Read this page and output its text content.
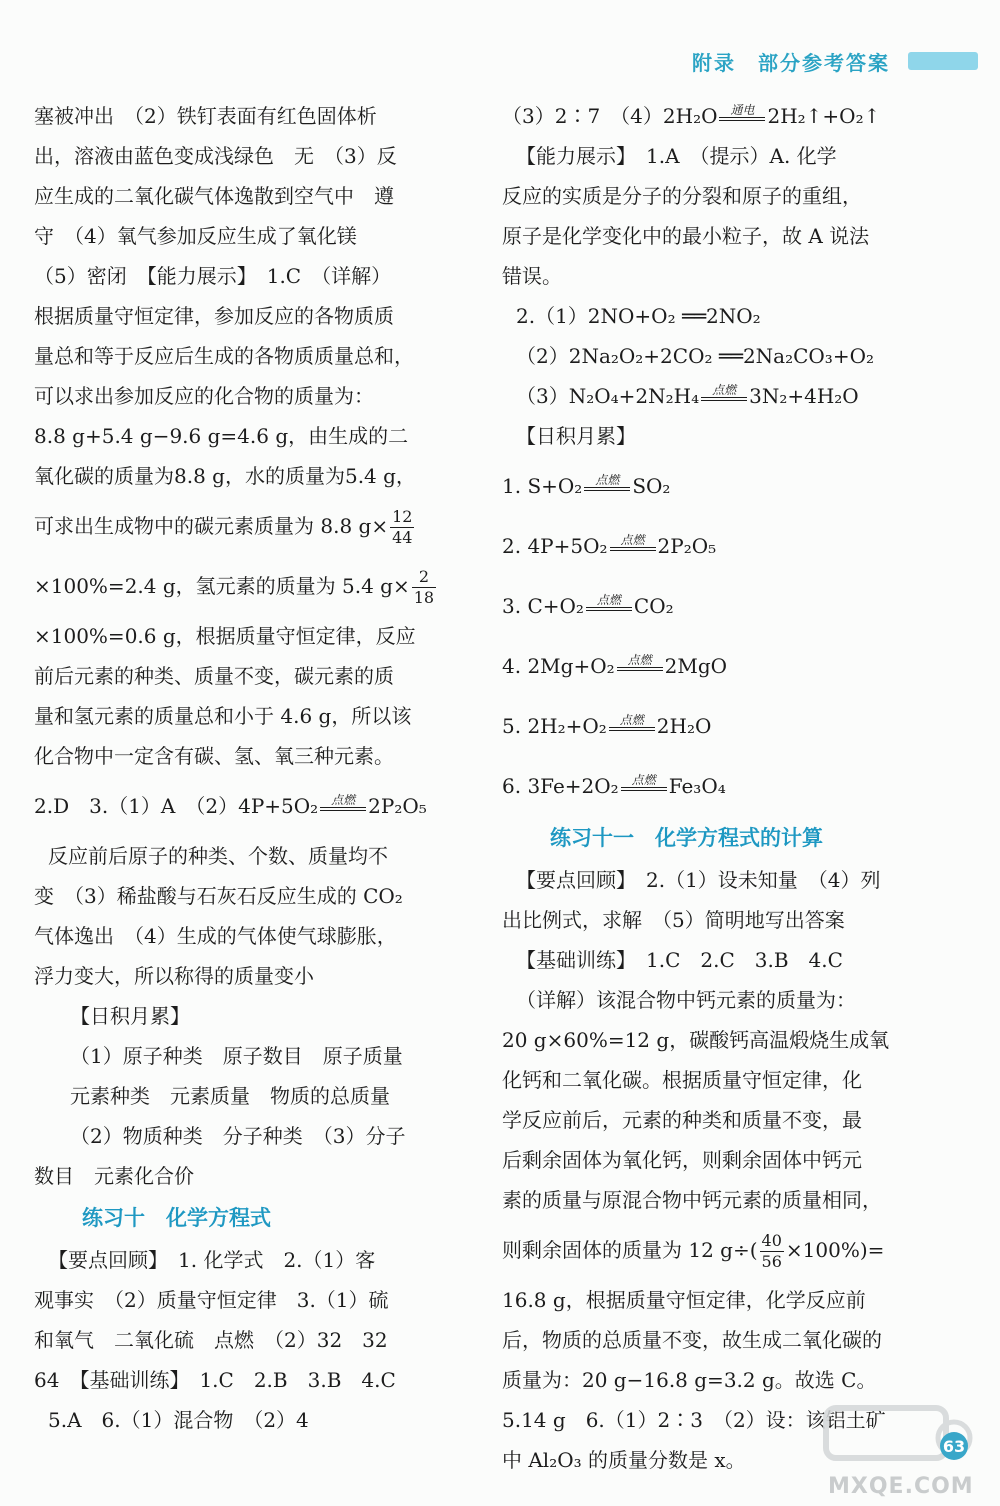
附录 部分参考答案
塞被冲出　（2）铁钉表面有红色固体析
出，溶液由蓝色变成浅绿色　无　（3）反
应生成的二氧化碳气体逸散到空气中　遵
守　（4）氧气参加反应生成了氧化镁
（5）密闭　【能力展示】　1.C　（详解）
根据质量守恒定律，参加反应的各物质质
量总和等于反应后生成的各物质质量总和，
可以求出参加反应的化合物的质量为：
8.8 g+5.4 g−9.6 g=4.6 g，由生成的二
氧化碳的质量为8.8 g，水的质量为5.4 g，
可求出生成物中的碳元素质量为 8.8 $g\times \frac{12}{44}$
×100%=2.4 g，氢元素的质量为 5.4 $g\times \frac{2}{18}$
×100%=0.6 g，根据质量守恒定律，反应
前后元素的种类、质量不变，碳元素的质
量和氢元素的质量总和小于 4.6 g，所以该
化合物中一定含有碳、氢、氧三种元素。
2.D　3.（1）A　（2）4P+5O₂	点燃 2P₂O₅
反应前后原子的种类、个数、质量均不
变　（3）稀盐酸与石灰石反应生成的 CO₂
气体逸出　（4）生成的气体使气球膨胀，
浮力变大，所以称得的质量变小
【日积月累】
（1）原子种类　原子数目　原子质量
元素种类　元素质量　物质的总质量
（2）物质种类　分子种类　（3）分子
数目　元素化合价
练习十　化学方程式
【要点回顾】　1. 化学式　2.（1）客
观事实　（2）质量守恒定律　3.（1）硫
和氧气　二氧化硫　点燃　（2）32　32
64　【基础训练】　1.C　2.B　3.B　4.C
5.A　6.（1）混合物　（2）4
（3）2∶7　（4）2H₂O	通电 2H₂↑+O₂↑
【能力展示】　1.A　（提示）A. 化学
反应的实质是分子的分裂和原子的重组，
原子是化学变化中的最小粒子，故 A 说法
错误。
2.（1）2NO+O₂ ══2NO₂
（2）2Na₂O₂+2CO₂ ══2Na₂CO₃+O₂
（3）N₂O₄+2N₂H₄	点燃 3N₂+4H₂O
【日积月累】
1. S+O₂	点燃 SO₂
2. 4P+5O₂	点燃 2P₂O₅
3. C+O₂	点燃 CO₂
4. 2Mg+O₂	点燃 2MgO
5. 2H₂+O₂	点燃 2H₂O
6. 3Fe+2O₂	点燃 Fe₃O₄
练习十一　化学方程式的计算
【要点回顾】　2.（1）设未知量　（4）列
出比例式，求解　（5）简明地写出答案
【基础训练】　1.C　2.C　3.B　4.C
（详解）该混合物中钙元素的质量为：
20 g×60%=12 g，碳酸钙高温煅烧生成氧
化钙和二氧化碳。根据质量守恒定律，化
学反应前后，元素的种类和质量不变，最
后剩余固体为氧化钙，则剩余固体中钙元
素的质量与原混合物中钙元素的质量相同，
则剩余固体的质量为 12 $g\div( \frac{40}{56} \times 100\%)=$
16.8 g，根据质量守恒定律，化学反应前
后，物质的总质量不变，故生成二氧化碳的
质量为：20 g−16.8 g=3.2 g。故选 C。
5.14 g　6.（1）2∶3　（2）设：该铝土矿
中 Al₂O₃ 的质量分数是 x。
63
MXQE.COM
